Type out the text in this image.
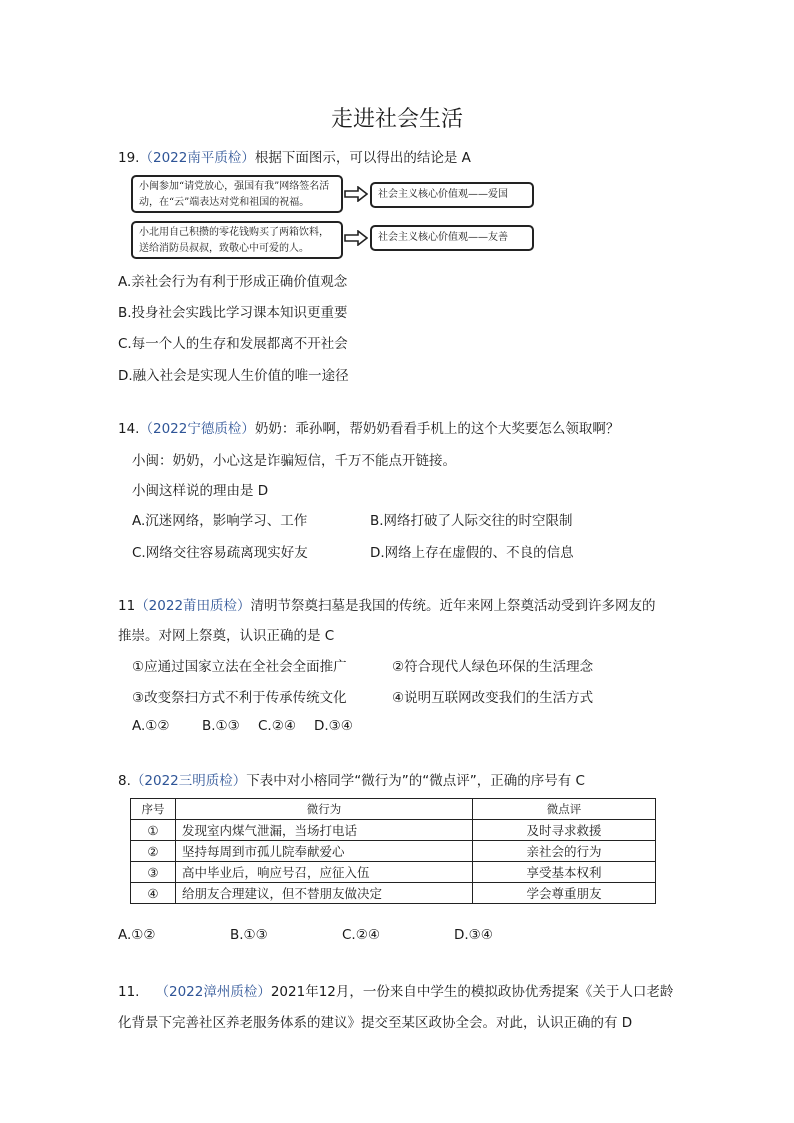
走进社会生活
19.（2022南平质检）根据下面图示，可以得出的结论是 A
小闽参加“请党放心，强国有我”网络签名活动，在“云”端表达对党和祖国的祝福。
社会主义核心价值观——爱国
小北用自己积攒的零花钱购买了两箱饮料，送给消防员叔叔，致敬心中可爱的人。
社会主义核心价值观——友善
A.亲社会行为有利于形成正确价值观念
B.投身社会实践比学习课本知识更重要
C.每一个人的生存和发展都离不开社会
D.融入社会是实现人生价值的唯一途径
14.（2022宁德质检）奶奶：乖孙啊，帮奶奶看看手机上的这个大奖要怎么领取啊？
小闽：奶奶，小心这是诈骗短信，千万不能点开链接。
小闽这样说的理由是 D
A.沉迷网络，影响学习、工作	B.网络打破了人际交往的时空限制
C.网络交往容易疏离现实好友	D.网络上存在虚假的、不良的信息
11（2022莆田质检）清明节祭奠扫墓是我国的传统。近年来网上祭奠活动受到许多网友的
推崇。对网上祭奠，认识正确的是 C
①应通过国家立法在全社会全面推广	②符合现代人绿色环保的生活理念
③改变祭扫方式不利于传承传统文化	④说明互联网改变我们的生活方式
A.①② B.①③ C.②④ D.③④
8.（2022三明质检）下表中对小榕同学“微行为”的“微点评”，正确的序号有 C
序号	微行为	微点评
①	发现室内煤气泄漏，当场打电话	及时寻求救援
②	坚持每周到市孤儿院奉献爱心	亲社会的行为
③	高中毕业后，响应号召，应征入伍	享受基本权利
④	给朋友合理建议，但不替朋友做决定	学会尊重朋友
A.①②	B.①③	C.②④	D.③④
11. （2022漳州质检）2021年12月，一份来自中学生的模拟政协优秀提案《关于人口老龄
化背景下完善社区养老服务体系的建议》提交至某区政协全会。对此，认识正确的有 D
